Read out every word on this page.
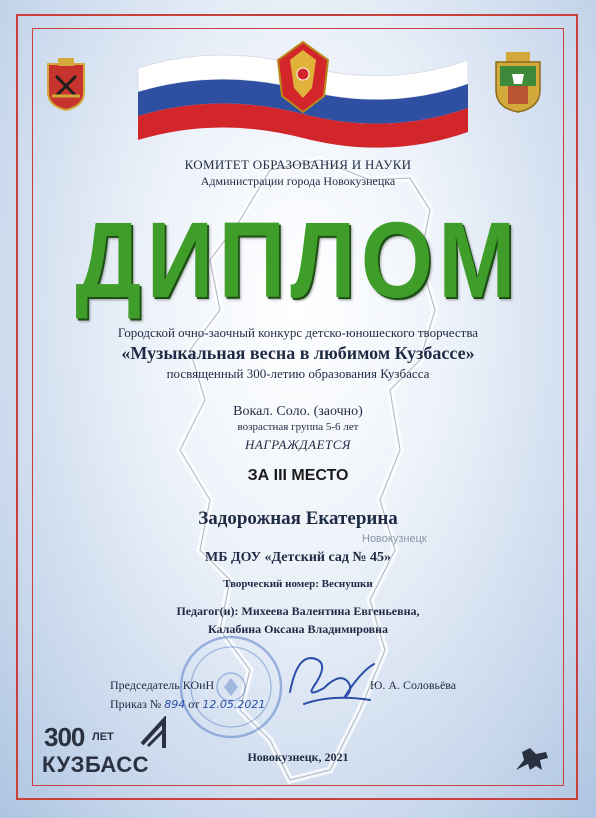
КОМИТЕТ ОБРАЗОВАНИЯ И НАУКИ
Администрации города Новокузнецка
ДИПЛОМ
Городской очно-заочный конкурс детско-юношеского творчества
«Музыкальная весна в любимом Кузбассе»
посвященный 300-летию образования Кузбасса
Вокал. Соло. (заочно)
возрастная группа 5-6 лет
НАГРАЖДАЕТСЯ
ЗА III МЕСТО
Задорожная Екатерина
Новокузнецк
МБ ДОУ «Детский сад № 45»
Творческий номер: Веснушки
Педагог(и): Михеева Валентина Евгеньевна,
Калабина Оксана Владимировна
Председатель КОиН	Ю. А. Соловьёва
Приказ № 894 от 12.05.2021
300 ЛЕТ
КУЗБАСС	Новокузнецк, 2021
